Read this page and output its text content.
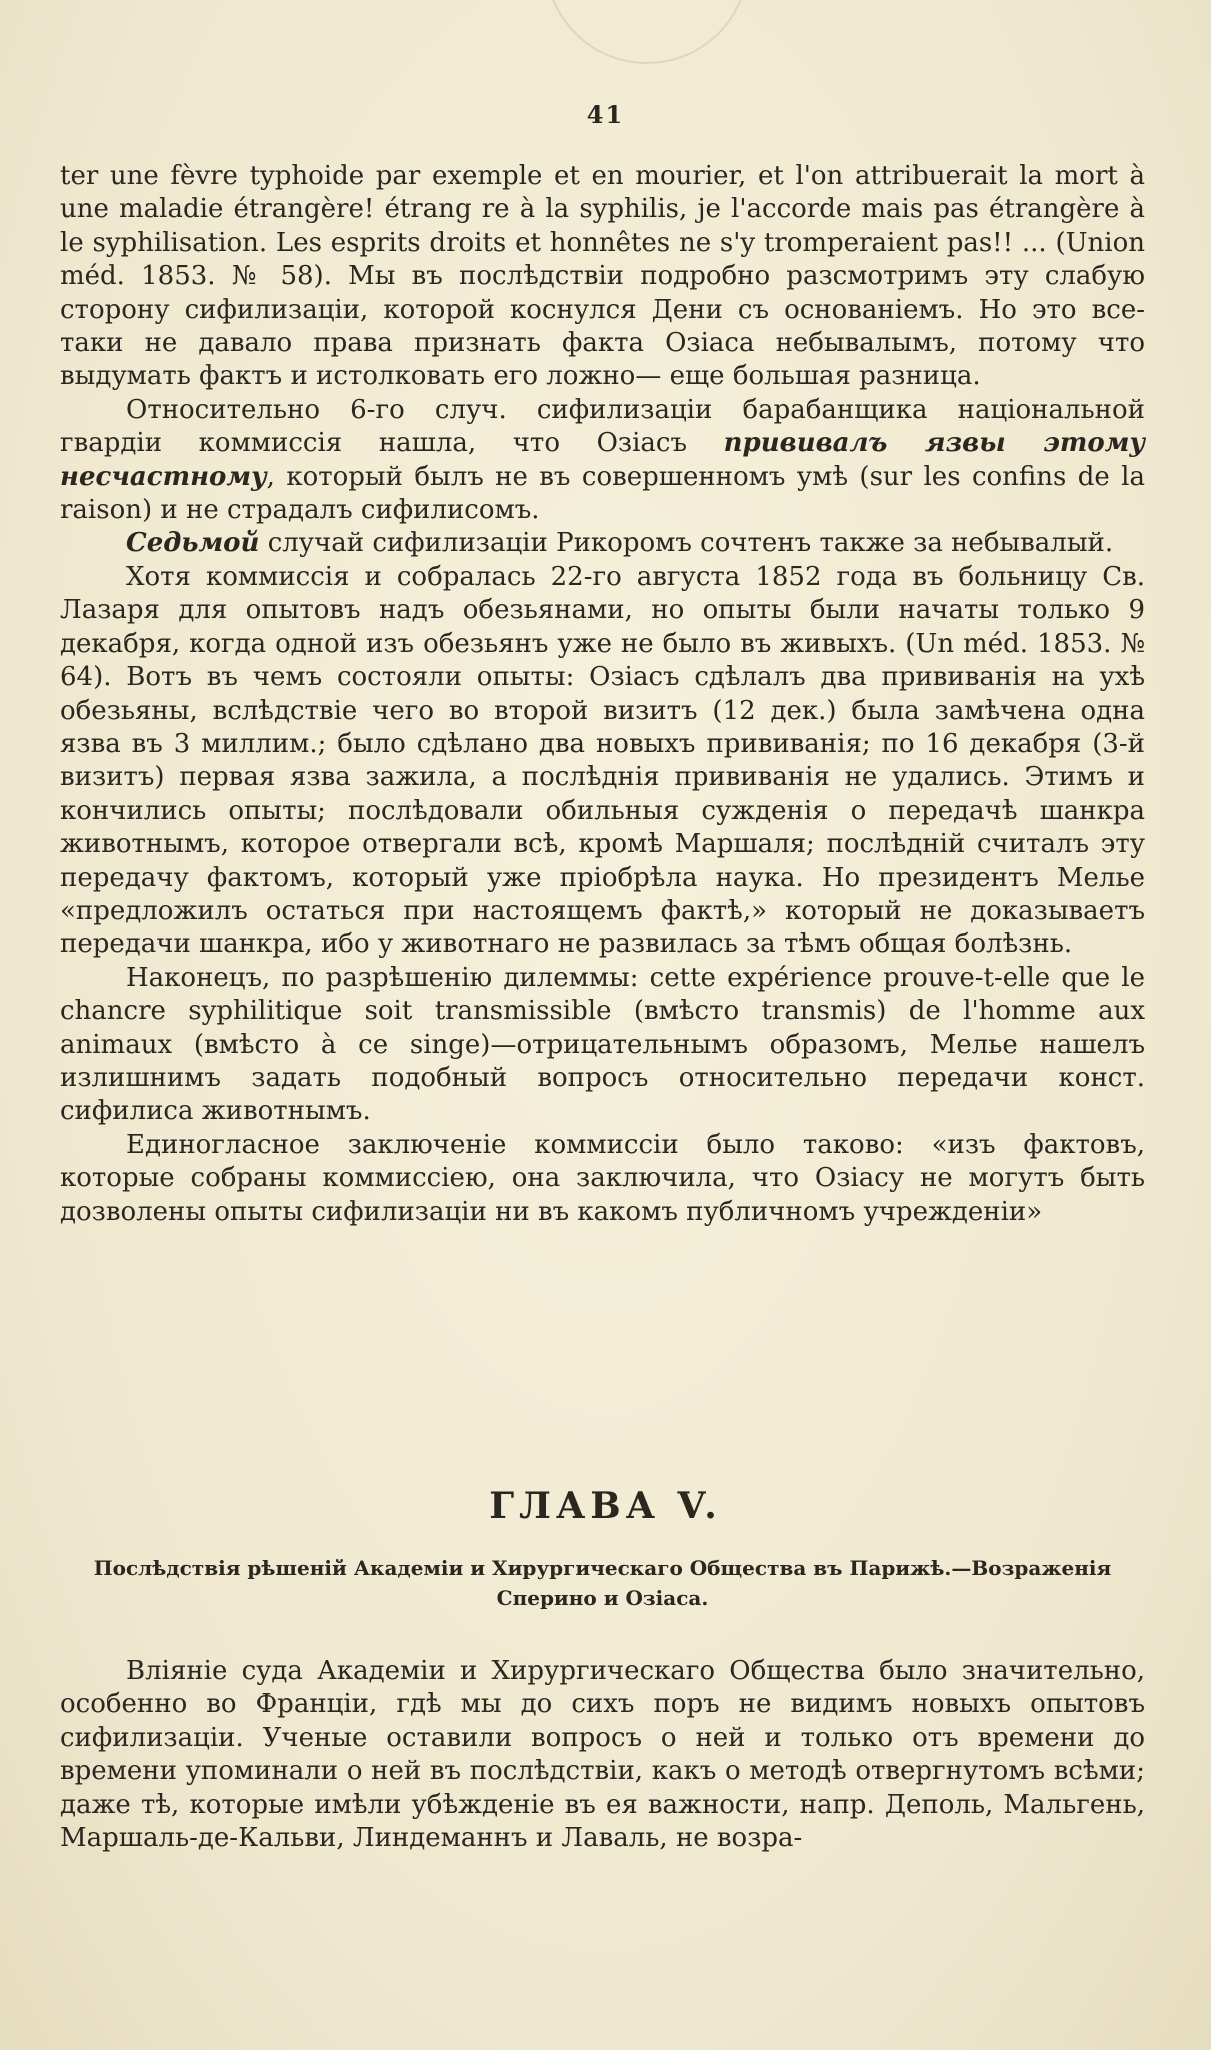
41

ter une fèvre typhoide par exemple et en mourier, et l'on attribuerait la mort à une maladie étrangère! étrang re à la syphilis, je l'accorde mais pas étrangère à le syphilisation. Les esprits droits et honnêtes ne s'y tromperaient pas!! ... (Union méd. 1853. № 58). Мы въ послѣдствіи подробно разсмотримъ эту слабую сторону сифилизаціи, которой коснулся Дени съ основаніемъ. Но это все-таки не давало права признать факта Озіаса небывалымъ, потому что выдумать фактъ и истолковать его ложно— еще большая разница.

Относительно 6-го случ. сифилизаціи барабанщика національной гвардіи коммиссія нашла, что Озіасъ прививалъ язвы этому несчастному, который былъ не въ совершенномъ умѣ (sur les confins de la raison) и не страдалъ сифилисомъ.

Седьмой случай сифилизаціи Рикоромъ сочтенъ также за небывалый.

Хотя коммиссія и собралась 22-го августа 1852 года въ больницу Св. Лазаря для опытовъ надъ обезьянами, но опыты были начаты только 9 декабря, когда одной изъ обезьянъ уже не было въ живыхъ. (Un méd. 1853. № 64). Вотъ въ чемъ состояли опыты: Озіасъ сдѣлалъ два прививанія на ухѣ обезьяны, вслѣдствіе чего во второй визитъ (12 дек.) была замѣчена одна язва въ 3 миллим.; было сдѣлано два новыхъ прививанія; по 16 декабря (3-й визитъ) первая язва зажила, а послѣднія прививанія не удались. Этимъ и кончились опыты; послѣдовали обильныя сужденія о передачѣ шанкра животнымъ, которое отвергали всѣ, кромѣ Маршаля; послѣдній считалъ эту передачу фактомъ, который уже пріобрѣла наука. Но президентъ Мелье «предложилъ остаться при настоящемъ фактѣ,» который не доказываетъ передачи шанкра, ибо у животнаго не развилась за тѣмъ общая болѣзнь.

Наконецъ, по разрѣшенію дилеммы: cette expérience prouve-t-elle que le chancre syphilitique soit transmissible (вмѣсто transmis) de l'homme aux animaux (вмѣсто à ce singe)—отрицательнымъ образомъ, Мелье нашелъ излишнимъ задать подобный вопросъ относительно передачи конст. сифилиса животнымъ.

Единогласное заключеніе коммиссіи было таково: «изъ фактовъ, которые собраны коммиссіею, она заключила, что Озіасу не могутъ быть дозволены опыты сифилизаціи ни въ какомъ публичномъ учрежденіи»

ГЛАВА V.
Послѣдствія рѣшеній Академіи и Хирургическаго Общества въ Парижѣ.—Возраженія Сперино и Озіаса.

Вліяніе суда Академіи и Хирургическаго Общества было значительно, особенно во Франціи, гдѣ мы до сихъ поръ не видимъ новыхъ опытовъ сифилизаціи. Ученые оставили вопросъ о ней и только отъ времени до времени упоминали о ней въ послѣдствіи, какъ о методѣ отвергнутомъ всѣми; даже тѣ, которые имѣли убѣжденіе въ ея важности, напр. Деполь, Мальгень, Маршаль-де-Кальви, Линдеманнъ и Лаваль, не возра-
